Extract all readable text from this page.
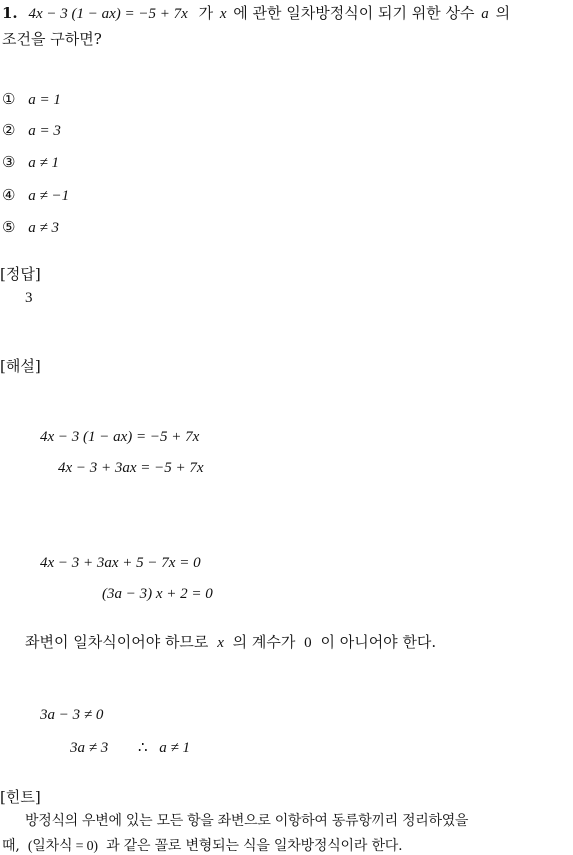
1. 4x − 3 (1 − ax) = −5 + 7x 가 x 에 관한 일차방정식이 되기 위한 상수 a 의
조건을 구하면?
① a = 1
② a = 3
③ a ≠ 1
④ a ≠ −1
⑤ a ≠ 3
[정답]
3
[해설]
4x − 3 (1 − ax) = −5 + 7x
4x − 3 + 3ax = −5 + 7x
4x − 3 + 3ax + 5 − 7x = 0
(3a − 3) x + 2 = 0
좌변이 일차식이어야 하므로 x 의 계수가 0 이 아니어야 한다.
3a − 3 ≠ 0
3a ≠ 3 ∴ a ≠ 1
[힌트]
방정식의 우변에 있는 모든 항을 좌변으로 이항하여 동류항끼리 정리하였을
때, (일차식 = 0) 과 같은 꼴로 변형되는 식을 일차방정식이라 한다.
